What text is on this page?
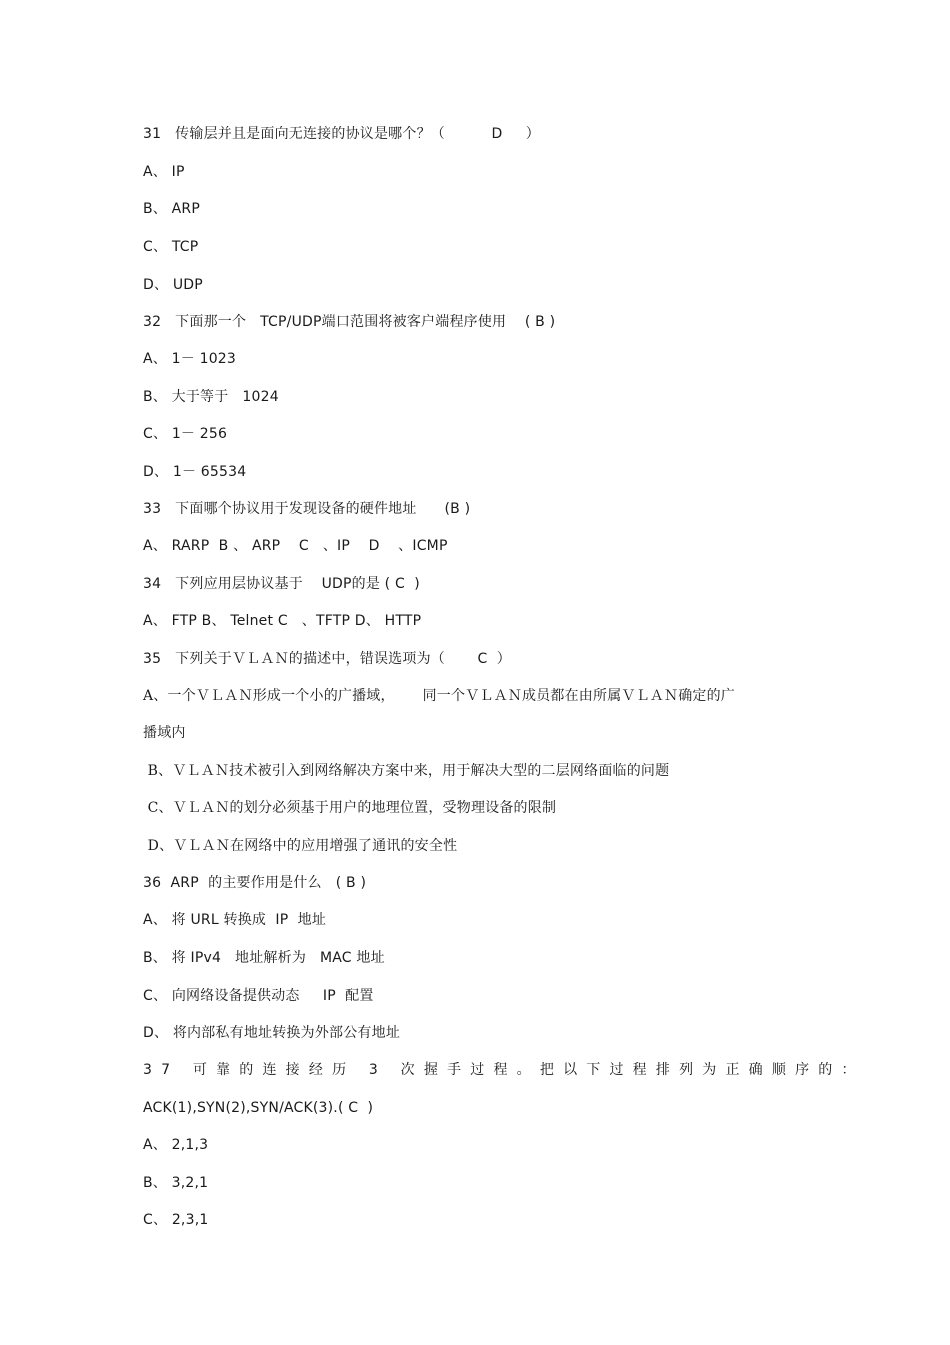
31   传输层并且是面向无连接的协议是哪个？（          D     ）
A、 IP
B、 ARP
C、 TCP
D、 UDP
32   下面那一个   TCP/UDP端口范围将被客户端程序使用    ( B )
A、 1－ 1023
B、 大于等于   1024
C、 1－ 256
D、 1－ 65534
33   下面哪个协议用于发现设备的硬件地址      (B )
A、 RARP  B 、 ARP    C   、IP    D    、ICMP
34   下列应用层协议基于    UDP的是 ( C  )
A、 FTP B、 Telnet C   、TFTP D、 HTTP
35   下列关于ＶＬＡＮ的描述中，错误选项为（       C  ）
A、一个ＶＬＡＮ形成一个小的广播域，      同一个ＶＬＡＮ成员都在由所属ＶＬＡＮ确定的广
播域内
B、ＶＬＡＮ技术被引入到网络解决方案中来，用于解决大型的二层网络面临的问题
C、ＶＬＡＮ的划分必须基于用户的地理位置，受物理设备的限制
D、ＶＬＡＮ在网络中的应用增强了通讯的安全性
36  ARP  的主要作用是什么   ( B )
A、 将 URL 转换成  IP  地址
B、 将 IPv4   地址解析为   MAC 地址
C、 向网络设备提供动态     IP  配置
D、 将内部私有地址转换为外部公有地址
37 可靠的连接经历 3 次握手过程。把以下过程排列为正确顺序的：
ACK(1),SYN(2),SYN/ACK(3).( C  )
A、 2,1,3
B、 3,2,1
C、 2,3,1
